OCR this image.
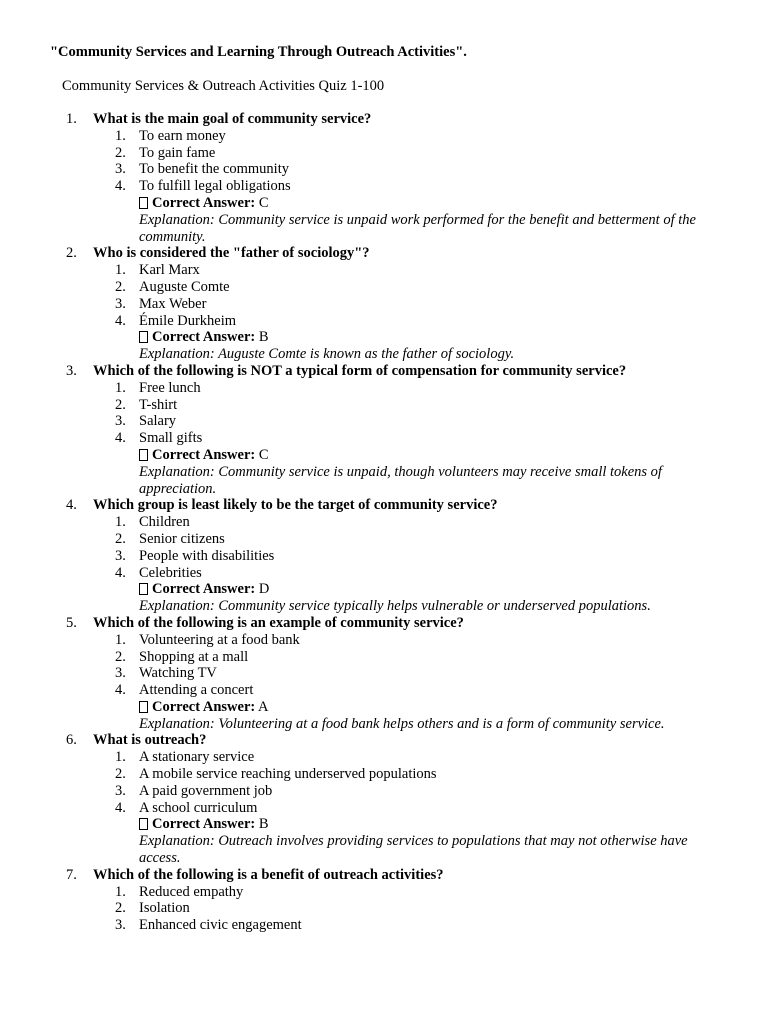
"Community Services and Learning Through Outreach Activities".
Community Services & Outreach Activities Quiz 1-100
1.	What is the main goal of community service?
1. To earn money
2. To gain fame
3. To benefit the community
4. To fulfill legal obligations
Correct Answer: C
Explanation: Community service is unpaid work performed for the benefit and betterment of the community.
2.	Who is considered the "father of sociology"?
1. Karl Marx
2. Auguste Comte
3. Max Weber
4. Émile Durkheim
Correct Answer: B
Explanation: Auguste Comte is known as the father of sociology.
3.	Which of the following is NOT a typical form of compensation for community service?
1. Free lunch
2. T-shirt
3. Salary
4. Small gifts
Correct Answer: C
Explanation: Community service is unpaid, though volunteers may receive small tokens of appreciation.
4.	Which group is least likely to be the target of community service?
1. Children
2. Senior citizens
3. People with disabilities
4. Celebrities
Correct Answer: D
Explanation: Community service typically helps vulnerable or underserved populations.
5.	Which of the following is an example of community service?
1. Volunteering at a food bank
2. Shopping at a mall
3. Watching TV
4. Attending a concert
Correct Answer: A
Explanation: Volunteering at a food bank helps others and is a form of community service.
6.	What is outreach?
1. A stationary service
2. A mobile service reaching underserved populations
3. A paid government job
4. A school curriculum
Correct Answer: B
Explanation: Outreach involves providing services to populations that may not otherwise have access.
7.	Which of the following is a benefit of outreach activities?
1. Reduced empathy
2. Isolation
3. Enhanced civic engagement
